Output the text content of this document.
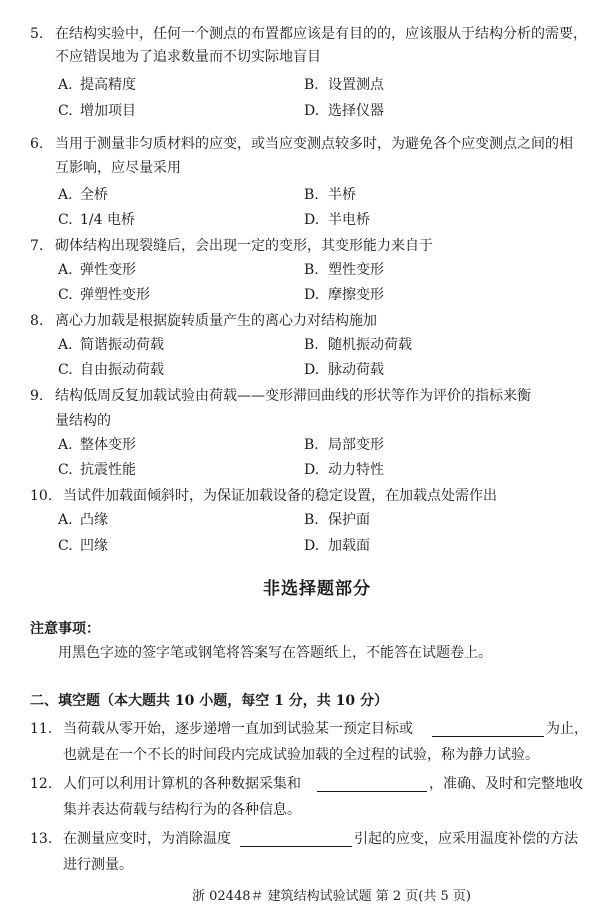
5. 在结构实验中，任何一个测点的布置都应该是有目的的，应该服从于结构分析的需要，
不应错误地为了追求数量而不切实际地盲目
A. 提高精度	B. 设置测点
C. 增加项目	D. 选择仪器
6. 当用于测量非匀质材料的应变，或当应变测点较多时，为避免各个应变测点之间的相
互影响，应尽量采用
A. 全桥	B. 半桥
C. 1/4 电桥	D. 半电桥
7. 砌体结构出现裂缝后，会出现一定的变形，其变形能力来自于
A. 弹性变形	B. 塑性变形
C. 弹塑性变形	D. 摩擦变形
8. 离心力加载是根据旋转质量产生的离心力对结构施加
A. 简谐振动荷载	B. 随机振动荷载
C. 自由振动荷载	D. 脉动荷载
9. 结构低周反复加载试验由荷载——变形滞回曲线的形状等作为评价的指标来衡
量结构的
A. 整体变形	B. 局部变形
C. 抗震性能	D. 动力特性
10. 当试件加载面倾斜时，为保证加载设备的稳定设置，在加载点处需作出
A. 凸缘	B. 保护面
C. 凹缘	D. 加载面
非选择题部分
注意事项：
用黑色字迹的签字笔或钢笔将答案写在答题纸上，不能答在试题卷上。
二、填空题（本大题共 10 小题，每空 1 分，共 10 分）
11. 当荷载从零开始，逐步递增一直加到试验某一预定目标或	为止，
也就是在一个不长的时间段内完成试验加载的全过程的试验，称为静力试验。
12. 人们可以利用计算机的各种数据采集和	，准确、及时和完整地收
集并表达荷载与结构行为的各种信息。
13. 在测量应变时，为消除温度	引起的应变，应采用温度补偿的方法
进行测量。
浙 02448＃ 建筑结构试验试题 第 2 页(共 5 页)
